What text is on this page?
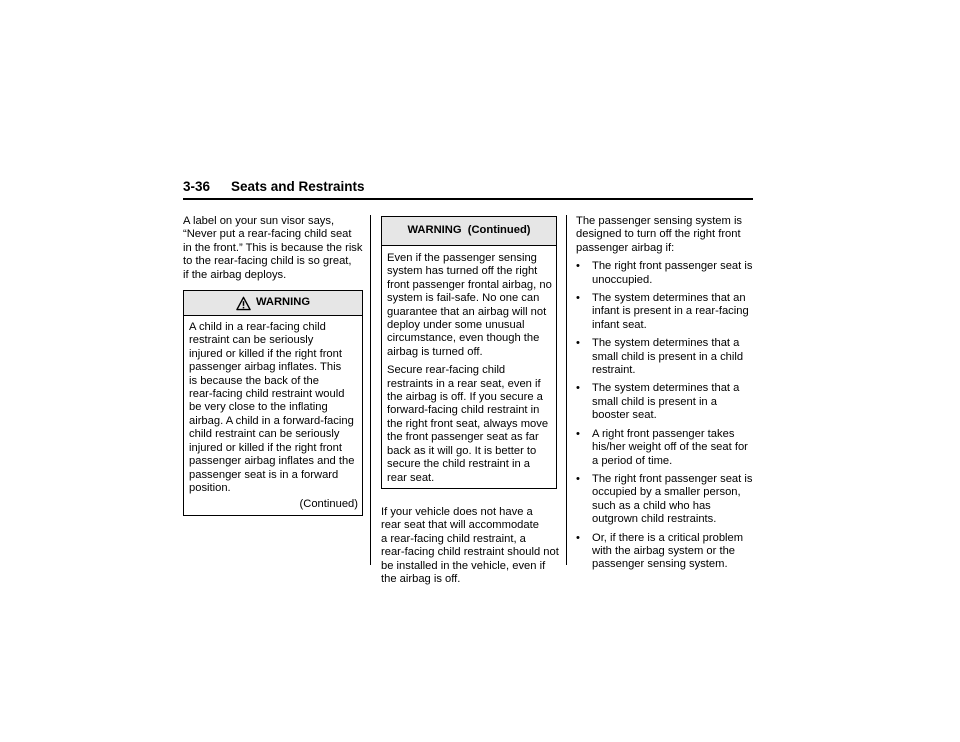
3-36 Seats and Restraints

A label on your sun visor says,
“Never put a rear-facing child seat
in the front.” This is because the risk
to the rear-facing child is so great,
if the airbag deploys.

WARNING
A child in a rear-facing child
restraint can be seriously
injured or killed if the right front
passenger airbag inflates. This
is because the back of the
rear-facing child restraint would
be very close to the inflating
airbag. A child in a forward-facing
child restraint can be seriously
injured or killed if the right front
passenger airbag inflates and the
passenger seat is in a forward
position.
(Continued)
WARNING  (Continued)

Even if the passenger sensing
system has turned off the right
front passenger frontal airbag, no
system is fail-safe. No one can
guarantee that an airbag will not
deploy under some unusual
circumstance, even though the
airbag is turned off.

Secure rear-facing child
restraints in a rear seat, even if
the airbag is off. If you secure a
forward-facing child restraint in
the right front seat, always move
the front passenger seat as far
back as it will go. It is better to
secure the child restraint in a
rear seat.

If your vehicle does not have a
rear seat that will accommodate
a rear-facing child restraint, a
rear-facing child restraint should not
be installed in the vehicle, even if
the airbag is off.

The passenger sensing system is
designed to turn off the right front
passenger airbag if:

• The right front passenger seat is
unoccupied.
• The system determines that an
infant is present in a rear-facing
infant seat.
• The system determines that a
small child is present in a child
restraint.
• The system determines that a
small child is present in a
booster seat.
• A right front passenger takes
his/her weight off of the seat for
a period of time.
• The right front passenger seat is
occupied by a smaller person,
such as a child who has
outgrown child restraints.
• Or, if there is a critical problem
with the airbag system or the
passenger sensing system.
